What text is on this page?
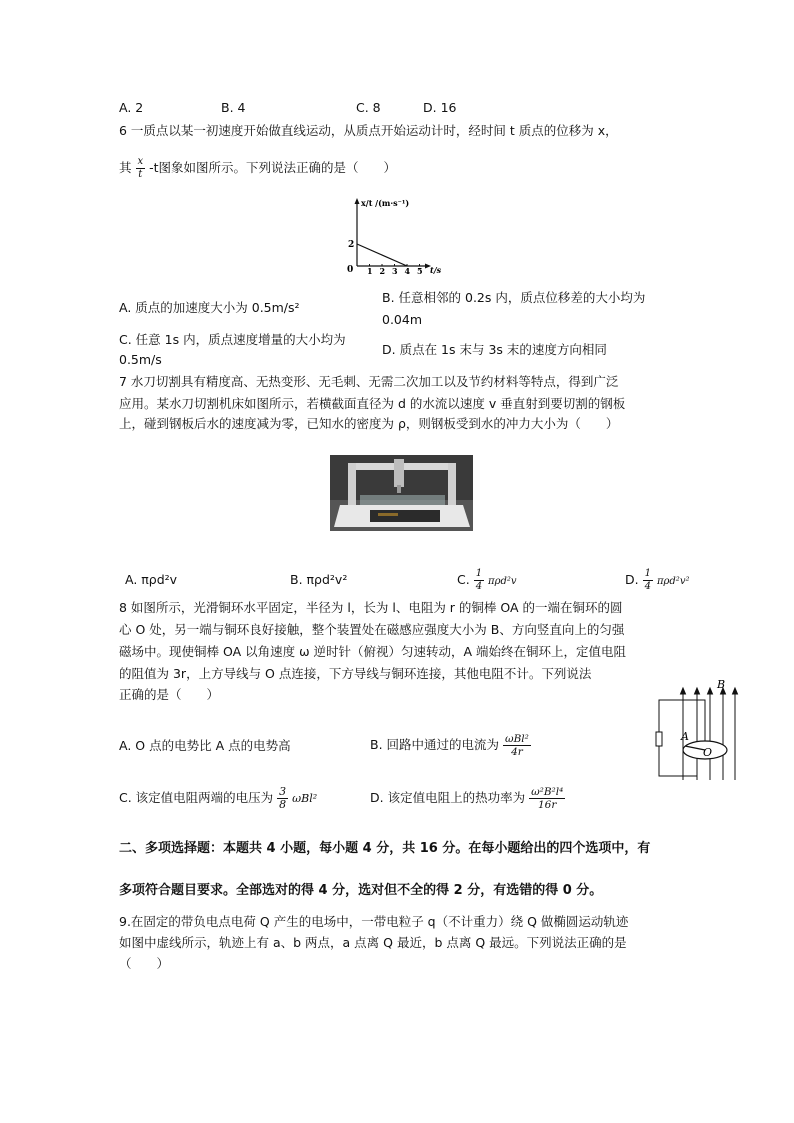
A. 2	B. 4	C. 8	D. 16
6 一质点以某一初速度开始做直线运动，从质点开始运动计时，经时间 t 质点的位移为 x，
其 $\frac{x}{t} -t$图象如图所示。下列说法正确的是（　　）
x/t /(m·s⁻¹)
t/s
0
2
1 2 3 4 5
A. 质点的加速度大小为 0.5m/s²
B. 任意相邻的 0.2s 内，质点位移差的大小均为
0.04m
C. 任意 1s 内，质点速度增量的大小均为
0.5m/s
D. 质点在 1s 末与 3s 末的速度方向相同
7 水刀切割具有精度高、无热变形、无毛刺、无需二次加工以及节约材料等特点，得到广泛
应用。某水刀切割机床如图所示，若横截面直径为 d 的水流以速度 v 垂直射到要切割的钢板
上，碰到钢板后水的速度减为零，已知水的密度为 ρ，则钢板受到水的冲力大小为（　　）
A. πρd²v	B. πρd²v²	C. $\frac{1}{4} \pi\rho d^2v$	D. $\frac{1}{4} \pi\rho d^2v^2$
8 如图所示，光滑铜环水平固定，半径为 l，长为 l、电阻为 r 的铜棒 OA 的一端在铜环的圆
心 O 处，另一端与铜环良好接触，整个装置处在磁感应强度大小为 B、方向竖直向上的匀强
磁场中。现使铜棒 OA 以角速度 ω 逆时针（俯视）匀速转动，A 端始终在铜环上，定值电阻
的阻值为 3r，上方导线与 O 点连接，下方导线与铜环连接，其他电阻不计。下列说法
正确的是（　　）
B
A
O
A. O 点的电势比 A 点的电势高	B. 回路中通过的电流为 $\frac{\text{ωBl²}}{4r}$
C. 该定值电阻两端的电压为 $\frac{3}{8} \omega Bl^2$	D. 该定值电阻上的热功率为 $\frac{\text{ω²B²l⁴}}{16r}$
二、多项选择题：本题共 4 小题，每小题 4 分，共 16 分。在每小题给出的四个选项中，有
多项符合题目要求。全部选对的得 4 分，选对但不全的得 2 分，有选错的得 0 分。
9.在固定的带负电点电荷 Q 产生的电场中，一带电粒子 q（不计重力）绕 Q 做椭圆运动轨迹
如图中虚线所示，轨迹上有 a、b 两点，a 点离 Q 最近，b 点离 Q 最远。下列说法正确的是
（　　）
